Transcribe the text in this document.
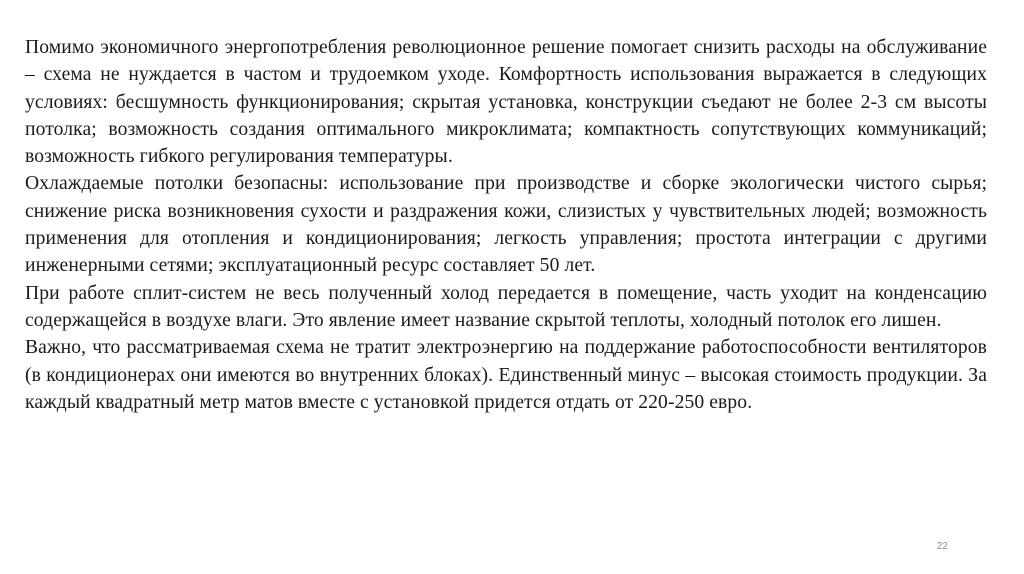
Помимо экономичного энергопотребления революционное решение помогает снизить расходы на обслуживание – схема не нуждается в частом и трудоемком уходе. Комфортность использования выражается в следующих условиях: бесшумность функционирования; скрытая установка, конструкции съедают не более 2-3 см высоты потолка; возможность создания оптимального микроклимата; компактность сопутствующих коммуникаций; возможность гибкого регулирования температуры.

Охлаждаемые потолки безопасны: использование при производстве и сборке экологически чистого сырья; снижение риска возникновения сухости и раздражения кожи, слизистых у чувствительных людей; возможность применения для отопления и кондиционирования; легкость управления; простота интеграции с другими инженерными сетями; эксплуатационный ресурс составляет 50 лет.

При работе сплит-систем не весь полученный холод передается в помещение, часть уходит на конденсацию содержащейся в воздухе влаги. Это явление имеет название скрытой теплоты, холодный потолок его лишен.

Важно, что рассматриваемая схема не тратит электроэнергию на поддержание работоспособности вентиляторов (в кондиционерах они имеются во внутренних блоках). Единственный минус – высокая стоимость продукции. За каждый квадратный метр матов вместе с установкой придется отдать от 220-250 евро.

22
